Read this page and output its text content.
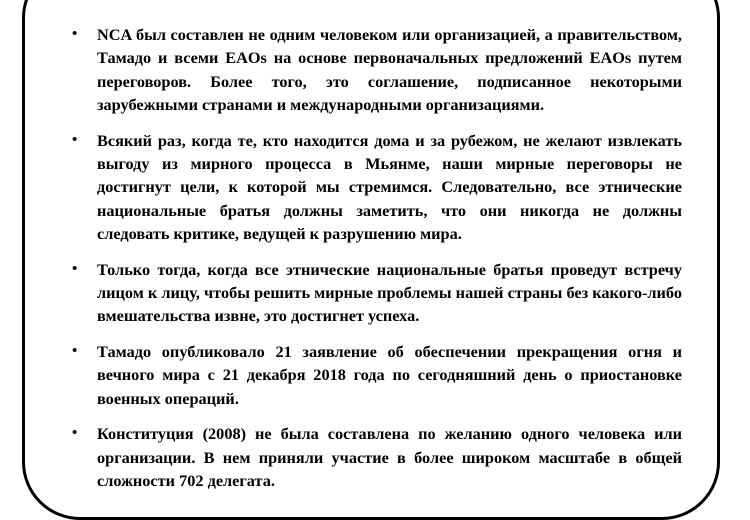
• NCA был составлен не одним человеком или организацией, а правительством, Тамадо и всеми EAOs на основе первоначальных предложений EAOs путем переговоров. Более того, это соглашение, подписанное некоторыми зарубежными странами и международными организациями.
• Всякий раз, когда те, кто находится дома и за рубежом, не желают извлекать выгоду из мирного процесса в Мьянме, наши мирные переговоры не достигнут цели, к которой мы стремимся. Следовательно, все этнические национальные братья должны заметить, что они никогда не должны следовать критике, ведущей к разрушению мира.
• Только тогда, когда все этнические национальные братья проведут встречу лицом к лицу, чтобы решить мирные проблемы нашей страны без какого-либо вмешательства извне, это достигнет успеха.
• Тамадо опубликовало 21 заявление об обеспечении прекращения огня и вечного мира с 21 декабря 2018 года по сегодняшний день о приостановке военных операций.
• Конституция (2008) не была составлена по желанию одного человека или организации. В нем приняли участие в более широком масштабе в общей сложности 702 делегата.
